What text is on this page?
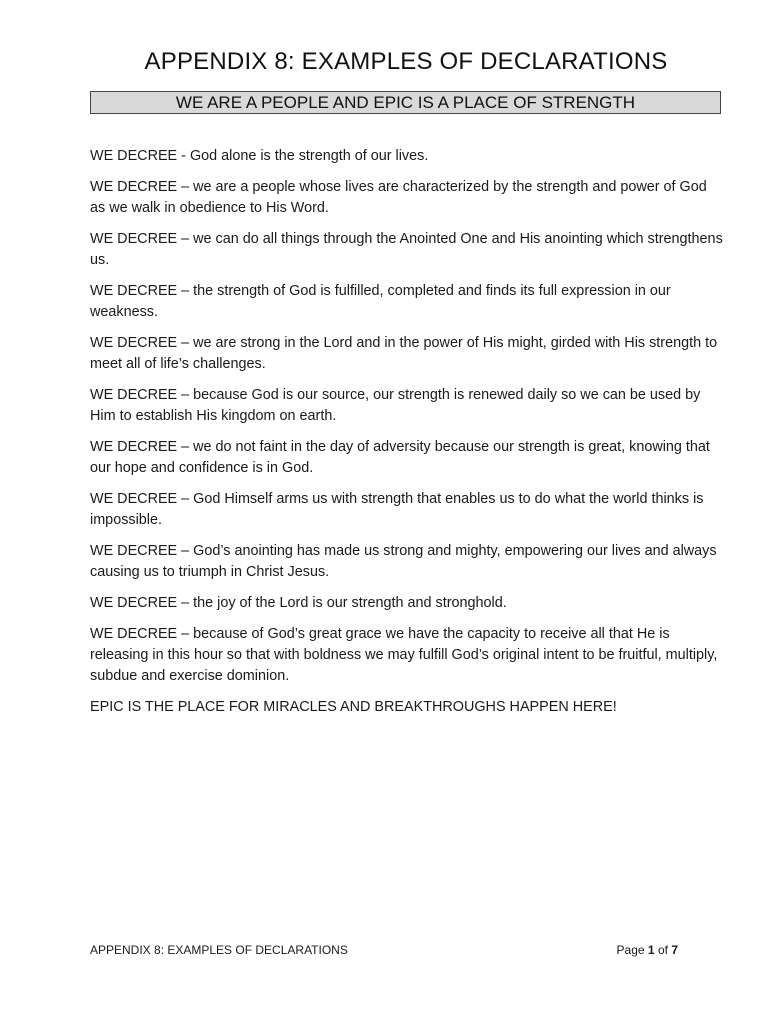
APPENDIX 8: EXAMPLES OF DECLARATIONS
WE ARE A PEOPLE AND EPIC IS A PLACE OF STRENGTH
WE DECREE - God alone is the strength of our lives.
WE DECREE – we are a people whose lives are characterized by the strength and power of God as we walk in obedience to His Word.
WE DECREE – we can do all things through the Anointed One and His anointing which strengthens us.
WE DECREE – the strength of God is fulfilled, completed and finds its full expression in our weakness.
WE DECREE – we are strong in the Lord and in the power of His might, girded with His strength to meet all of life’s challenges.
WE DECREE – because God is our source, our strength is renewed daily so we can be used by Him to establish His kingdom on earth.
WE DECREE – we do not faint in the day of adversity because our strength is great, knowing that our hope and confidence is in God.
WE DECREE – God Himself arms us with strength that enables us to do what the world thinks is impossible.
WE DECREE – God’s anointing has made us strong and mighty, empowering our lives and always causing us to triumph in Christ Jesus.
WE DECREE – the joy of the Lord is our strength and stronghold.
WE DECREE – because of God’s great grace we have the capacity to receive all that He is releasing in this hour so that with boldness we may fulfill God’s original intent to be fruitful, multiply, subdue and exercise dominion.
EPIC IS THE PLACE FOR MIRACLES AND BREAKTHROUGHS HAPPEN HERE!
APPENDIX 8: EXAMPLES OF DECLARATIONS	Page 1 of 7
